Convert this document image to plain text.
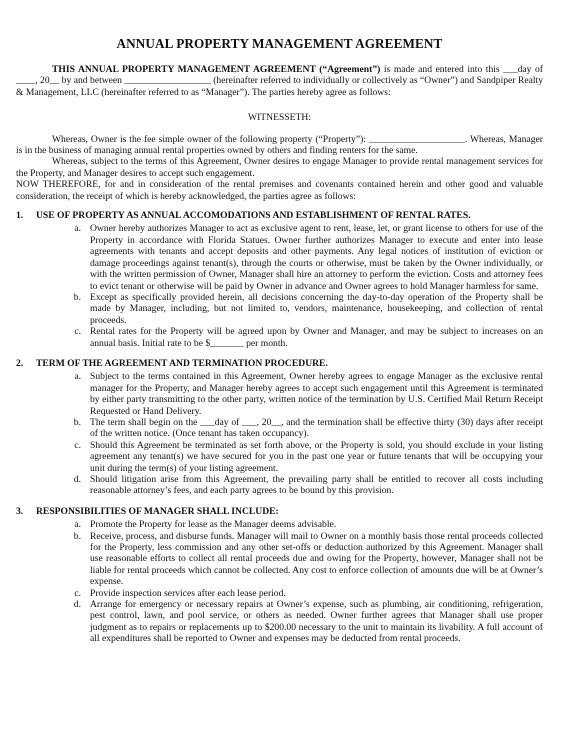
ANNUAL PROPERTY MANAGEMENT AGREEMENT

THIS ANNUAL PROPERTY MANAGEMENT AGREEMENT (“Agreement”) is made and entered into this ___day of ____, 20__ by and between __________________ (hereinafter referred to individually or collectively as “Owner”) and Sandpiper Realty & Management, LLC (hereinafter referred to as “Manager”). The parties hereby agree as follows:

WITNESSETH:

Whereas, Owner is the fee simple owner of the following property (“Property”): ____________________. Whereas, Manager is in the business of managing annual rental properties owned by others and finding renters for the same.

Whereas, subject to the terms of this Agreement, Owner desires to engage Manager to provide rental management services for the Property, and Manager desires to accept such engagement.

NOW THEREFORE, for and in consideration of the rental premises and covenants contained herein and other good and valuable consideration, the receipt of which is hereby acknowledged, the parties agree as follows:

1.	USE OF PROPERTY AS ANNUAL ACCOMODATIONS AND ESTABLISHMENT OF RENTAL RATES.
a. Owner hereby authorizes Manager to act as exclusive agent to rent, lease, let, or grant license to others for use of the Property in accordance with Florida Statues. Owner further authorizes Manager to execute and enter into lease agreements with tenants and accept deposits and other payments. Any legal notices of institution of eviction or damage proceedings against tenant(s), through the courts or otherwise, must be taken by the Owner individually, or with the written permission of Owner, Manager shall hire an attorney to perform the eviction. Costs and attorney fees to evict tenant or otherwise will be paid by Owner in advance and Owner agrees to hold Manager harmless for same.
b. Except as specifically provided herein, all decisions concerning the day-to-day operation of the Property shall be made by Manager, including, but not limited to, vendors, maintenance, housekeeping, and collection of rental proceeds.
c. Rental rates for the Property will be agreed upon by Owner and Manager, and may be subject to increases on an annual basis. Initial rate to be $_______ per month.
2.	TERM OF THE AGREEMENT AND TERMINATION PROCEDURE.
a. Subject to the terms contained in this Agreement, Owner hereby agrees to engage Manager as the exclusive rental manager for the Property, and Manager hereby agrees to accept such engagement until this Agreement is terminated by either party transmitting to the other party, written notice of the termination by U.S. Certified Mail Return Receipt Requested or Hand Delivery.
b. The term shall begin on the ___day of ___, 20__, and the termination shall be effective thirty (30) days after receipt of the written notice. (Once tenant has taken occupancy).
c. Should this Agreement be terminated as set forth above, or the Property is sold, you should exclude in your listing agreement any tenant(s) we have secured for you in the past one year or future tenants that will be occupying your unit during the term(s) of your listing agreement.
d. Should litigation arise from this Agreement, the prevailing party shall be entitled to recover all costs including reasonable attorney’s fees, and each party agrees to be bound by this provision.
3.	RESPONSIBILITIES OF MANAGER SHALL INCLUDE:
a. Promote the Property for lease as the Manager deems advisable.
b. Receive, process, and disburse funds. Manager will mail to Owner on a monthly basis those rental proceeds collected for the Property, less commission and any other set-offs or deduction authorized by this Agreement. Manager shall use reasonable efforts to collect all rental proceeds due and owing for the Property, however, Manager shall not be liable for rental proceeds which cannot be collected. Any cost to enforce collection of amounts due will be at Owner’s expense.
c. Provide inspection services after each lease period.
d. Arrange for emergency or necessary repairs at Owner’s expense, such as plumbing, air conditioning, refrigeration, pest control, lawn, and pool service, or others as needed. Owner further agrees that Manager shall use proper judgment as to repairs or replacements up to $200.00 necessary to the unit to maintain its livability. A full account of all expenditures shall be reported to Owner and expenses may be deducted from rental proceeds.
